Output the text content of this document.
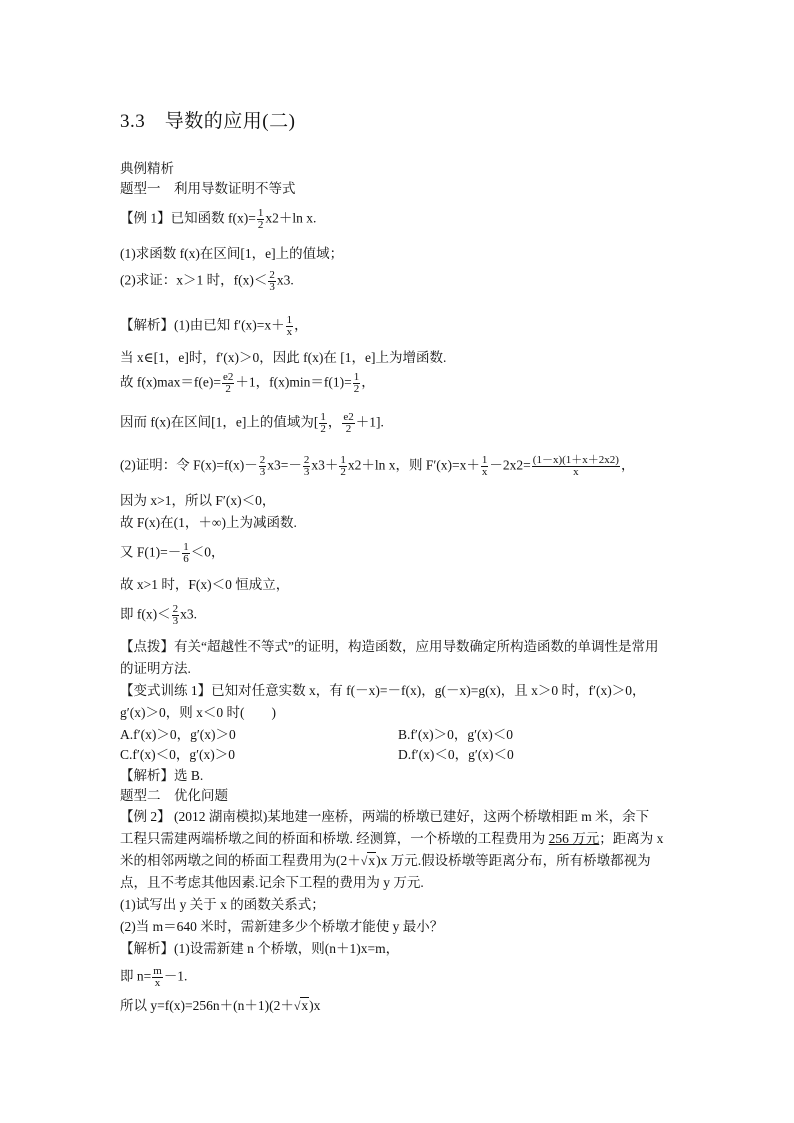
3.3　导数的应用(二)
典例精析
题型一　利用导数证明不等式
【例 1】已知函数 $f(x)= \frac{1}{2} x2+\ln$ x.
(1)求函数 f(x)在区间[1，e]上的值域；
(2)求证：x＞1 时，$f(x)< \frac{2}{3} x3$.
【解析】(1)由已知 $f'(x)=x+ \frac{1}{x}$ ，
当 x∈[1，e]时，f′(x)＞0，因此 f(x)在 [1，e]上为增函数.
故 $f(x)\max=f(e)= \frac{e2}{2} +1$，$f(x)\min=f(1)= \frac{1}{2}$ ，
因而 f(x)在区间[1，e]上的值域为[ $\frac{1}{2}$ ， $\frac{e2}{2} +1$].
(2)证明：令 $F(x)=f(x)- \frac{2}{3} x3=- \frac{2}{3} x3+ \frac{1}{2} x2+\ln$ x，则 $F'(x)=x+ \frac{1}{x} -2x2= \frac{(1-x)(1+x+2x2)}{x}$ ，
因为 x>1，所以 F′(x)＜0，
故 F(x)在(1，＋∞)上为减函数.
又 $F(1)=- \frac{1}{6} <0$，
故 x>1 时，F(x)＜0 恒成立，
即 $f(x)< \frac{2}{3} x3$.
【点拨】有关“超越性不等式”的证明，构造函数，应用导数确定所构造函数的单调性是常用
的证明方法.
【变式训练 1】已知对任意实数 x，有 f(－x)=－f(x)，g(－x)=g(x)，且 x＞0 时，f′(x)＞0，
g′(x)＞0，则 x＜0 时(　　)
A.f′(x)＞0，g′(x)＞0	B.f′(x)＞0，g′(x)＜0
C.f′(x)＜0，g′(x)＞0	D.f′(x)＜0，g′(x)＜0
【解析】选 B.
题型二　优化问题
【例 2】 (2012 湖南模拟)某地建一座桥，两端的桥墩已建好，这两个桥墩相距 m 米，余下
工程只需建两端桥墩之间的桥面和桥墩. 经测算，一个桥墩的工程费用为 256 万元；距离为 x
米的相邻两墩之间的桥面工程费用为(2＋√x)x 万元.假设桥墩等距离分布，所有桥墩都视为
点，且不考虑其他因素.记余下工程的费用为 y 万元.
(1)试写出 y 关于 x 的函数关系式；
(2)当 m＝640 米时，需新建多少个桥墩才能使 y 最小？
【解析】(1)设需新建 n 个桥墩，则(n＋1)x=m，
即 $n= \frac{m}{x} -1$.
所以 y=f(x)=256n＋(n＋1)(2＋√x)x
